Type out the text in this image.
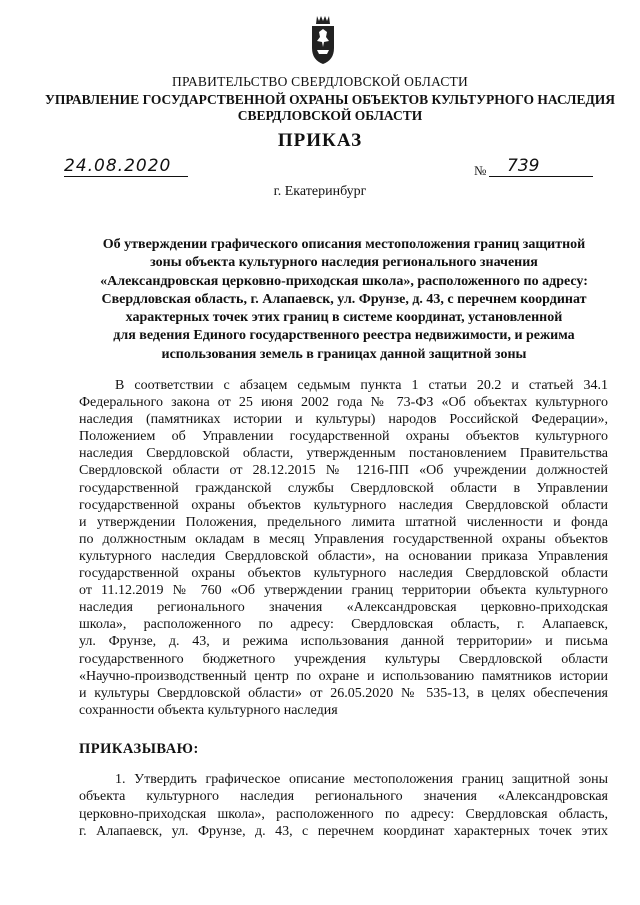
ПРАВИТЕЛЬСТВО СВЕРДЛОВСКОЙ ОБЛАСТИ
УПРАВЛЕНИЕ ГОСУДАРСТВЕННОЙ ОХРАНЫ ОБЪЕКТОВ КУЛЬТУРНОГО НАСЛЕДИЯ
СВЕРДЛОВСКОЙ ОБЛАСТИ
ПРИКАЗ
24.08.2020	№	739
г. Екатеринбург
Об утверждении графического описания местоположения границ защитной
зоны объекта культурного наследия регионального значения
«Александровская церковно-приходская школа», расположенного по адресу:
Свердловская область, г. Алапаевск, ул. Фрунзе, д. 43, с перечнем координат
характерных точек этих границ в системе координат, установленной
для ведения Единого государственного реестра недвижимости, и режима
использования земель в границах данной защитной зоны
В соответствии с абзацем седьмым пункта 1 статьи 20.2 и статьей 34.1
Федерального закона от 25 июня 2002 года № 73-ФЗ «Об объектах культурного
наследия (памятниках истории и культуры) народов Российской Федерации»,
Положением об Управлении государственной охраны объектов культурного
наследия Свердловской области, утвержденным постановлением Правительства
Свердловской области от 28.12.2015 № 1216-ПП «Об учреждении должностей
государственной гражданской службы Свердловской области в Управлении
государственной охраны объектов культурного наследия Свердловской области
и утверждении Положения, предельного лимита штатной численности и фонда
по должностным окладам в месяц Управления государственной охраны объектов
культурного наследия Свердловской области», на основании приказа Управления
государственной охраны объектов культурного наследия Свердловской области
от 11.12.2019 № 760 «Об утверждении границ территории объекта культурного
наследия регионального значения «Александровская церковно-приходская
школа», расположенного по адресу: Свердловская область, г. Алапаевск,
ул. Фрунзе, д. 43, и режима использования данной территории» и письма
государственного бюджетного учреждения культуры Свердловской области
«Научно-производственный центр по охране и использованию памятников истории
и культуры Свердловской области» от 26.05.2020 № 535-13, в целях обеспечения
сохранности объекта культурного наследия
ПРИКАЗЫВАЮ:
1. Утвердить графическое описание местоположения границ защитной зоны
объекта культурного наследия регионального значения «Александровская
церковно-приходская школа», расположенного по адресу: Свердловская область,
г. Алапаевск, ул. Фрунзе, д. 43, с перечнем координат характерных точек этих
